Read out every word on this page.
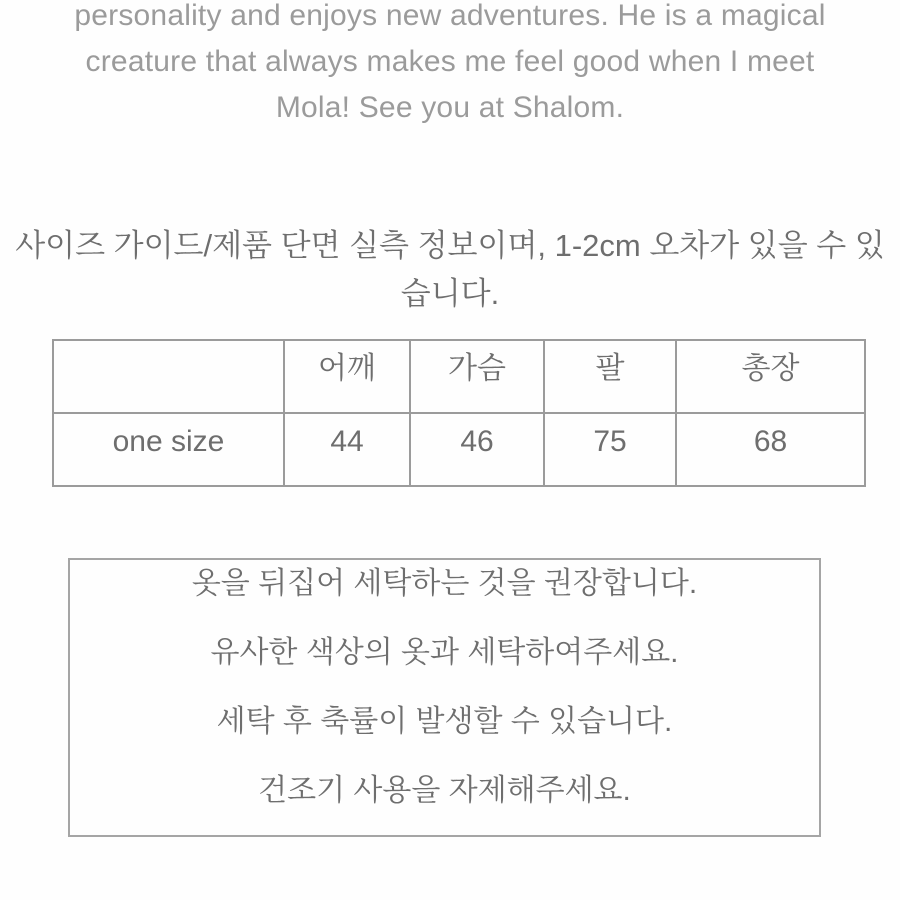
personality and enjoys new adventures. He is a magical
creature that always makes me feel good when I meet
Mola! See you at Shalom.
사이즈 가이드/제품 단면 실측 정보이며, 1-2cm 오차가 있을 수 있
습니다.
	어깨	가슴	팔	총장
one size	44	46	75	68
옷을 뒤집어 세탁하는 것을 권장합니다.
유사한 색상의 옷과 세탁하여주세요.
세탁 후 축률이 발생할 수 있습니다.
건조기 사용을 자제해주세요.
